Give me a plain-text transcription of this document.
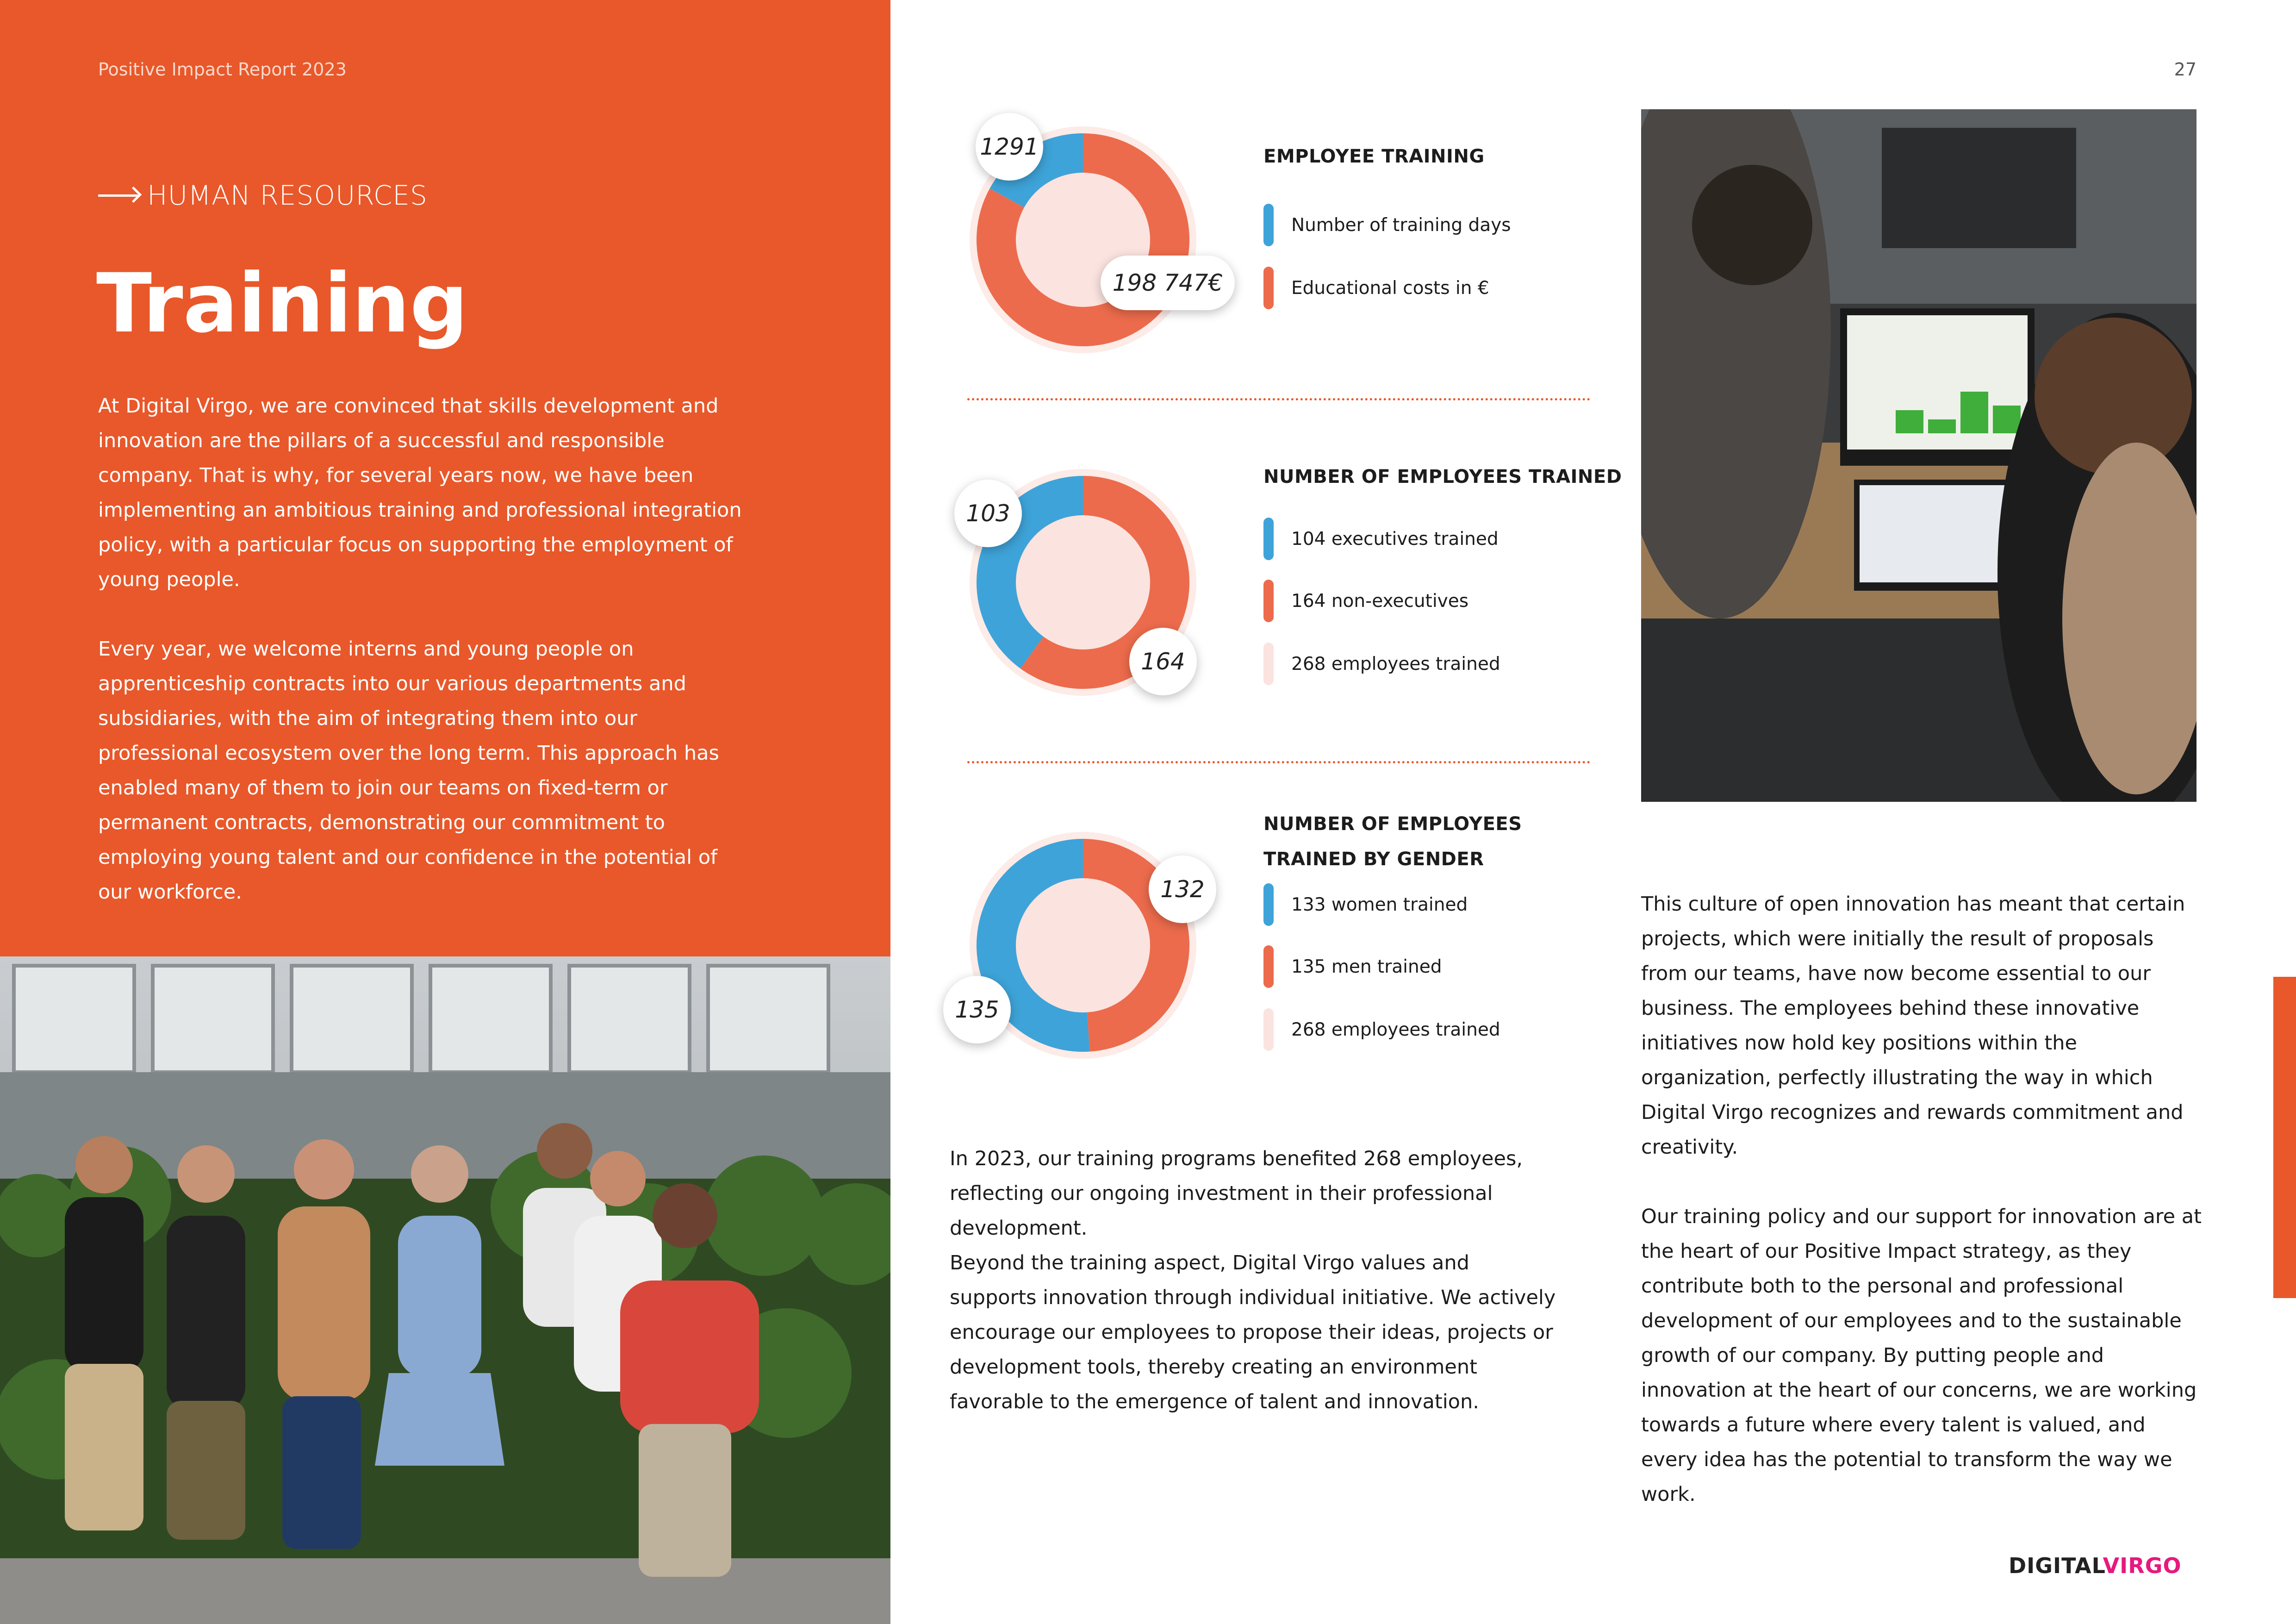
Positive Impact Report 2023
HUMAN RESOURCES
Training

At Digital Virgo, we are convinced that skills development and innovation are the pillars of a successful and responsible company. That is why, for several years now, we have been implementing an ambitious training and professional integration policy, with a particular focus on supporting the employment of young people.

Every year, we welcome interns and young people on apprenticeship contracts into our various departments and subsidiaries, with the aim of integrating them into our professional ecosystem over the long term. This approach has enabled many of them to join our teams on fixed-term or permanent contracts, demonstrating our commitment to employing young talent and our confidence in the potential of our workforce.

27
1291
198 747€
EMPLOYEE TRAINING
Number of training days
Educational costs in €
103
164
NUMBER OF EMPLOYEES TRAINED
104 executives trained
164 non-executives
268 employees trained
135
132
NUMBER OF EMPLOYEES
TRAINED BY GENDER
133 women trained
135 men trained
268 employees trained

In 2023, our training programs benefited 268 employees, reflecting our ongoing investment in their professional development.

Beyond the training aspect, Digital Virgo values and supports innovation through individual initiative. We actively encourage our employees to propose their ideas, projects or development tools, thereby creating an environment favorable to the emergence of talent and innovation.

This culture of open innovation has meant that certain projects, which were initially the result of proposals from our teams, have now become essential to our business. The employees behind these innovative initiatives now hold key positions within the organization, perfectly illustrating the way in which Digital Virgo recognizes and rewards commitment and creativity.

Our training policy and our support for innovation are at the heart of our Positive Impact strategy, as they contribute both to the personal and professional development of our employees and to the sustainable growth of our company. By putting people and innovation at the heart of our concerns, we are working towards a future where every talent is valued, and every idea has the potential to transform the way we work.

DIGITALVIRGO
